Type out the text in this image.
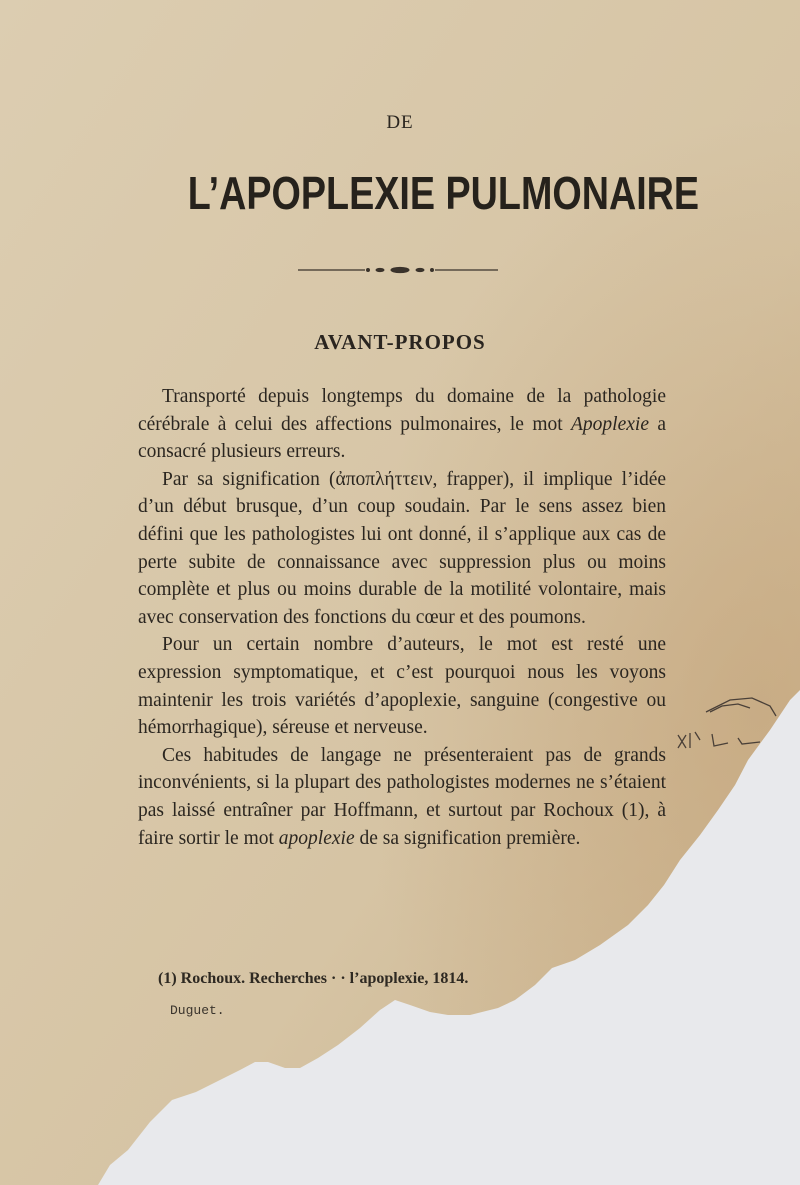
DE
L’APOPLEXIE PULMONAIRE
AVANT-PROPOS

Transporté depuis longtemps du domaine de la pathologie cérébrale à celui des affections pulmonaires, le mot Apoplexie a consacré plusieurs erreurs.

Par sa signification (ἀποπλήττειν, frapper), il implique l’idée d’un début brusque, d’un coup soudain. Par le sens assez bien défini que les pathologistes lui ont donné, il s’applique aux cas de perte subite de connaissance avec suppression plus ou moins complète et plus ou moins durable de la motilité volontaire, mais avec conservation des fonctions du cœur et des poumons.

Pour un certain nombre d’auteurs, le mot est resté une expression symptomatique, et c’est pourquoi nous les voyons maintenir les trois variétés d’apoplexie, sanguine (congestive ou hémorrhagique), séreuse et nerveuse.

Ces habitudes de langage ne présenteraient pas de grands inconvénients, si la plupart des pathologistes modernes ne s’étaient pas laissé entraîner par Hoffmann, et surtout par Rochoux (1), à faire sortir le mot apoplexie de sa signification première.

(1) Rochoux. Recherches · · l’apoplexie, 1814.
Duguet.
